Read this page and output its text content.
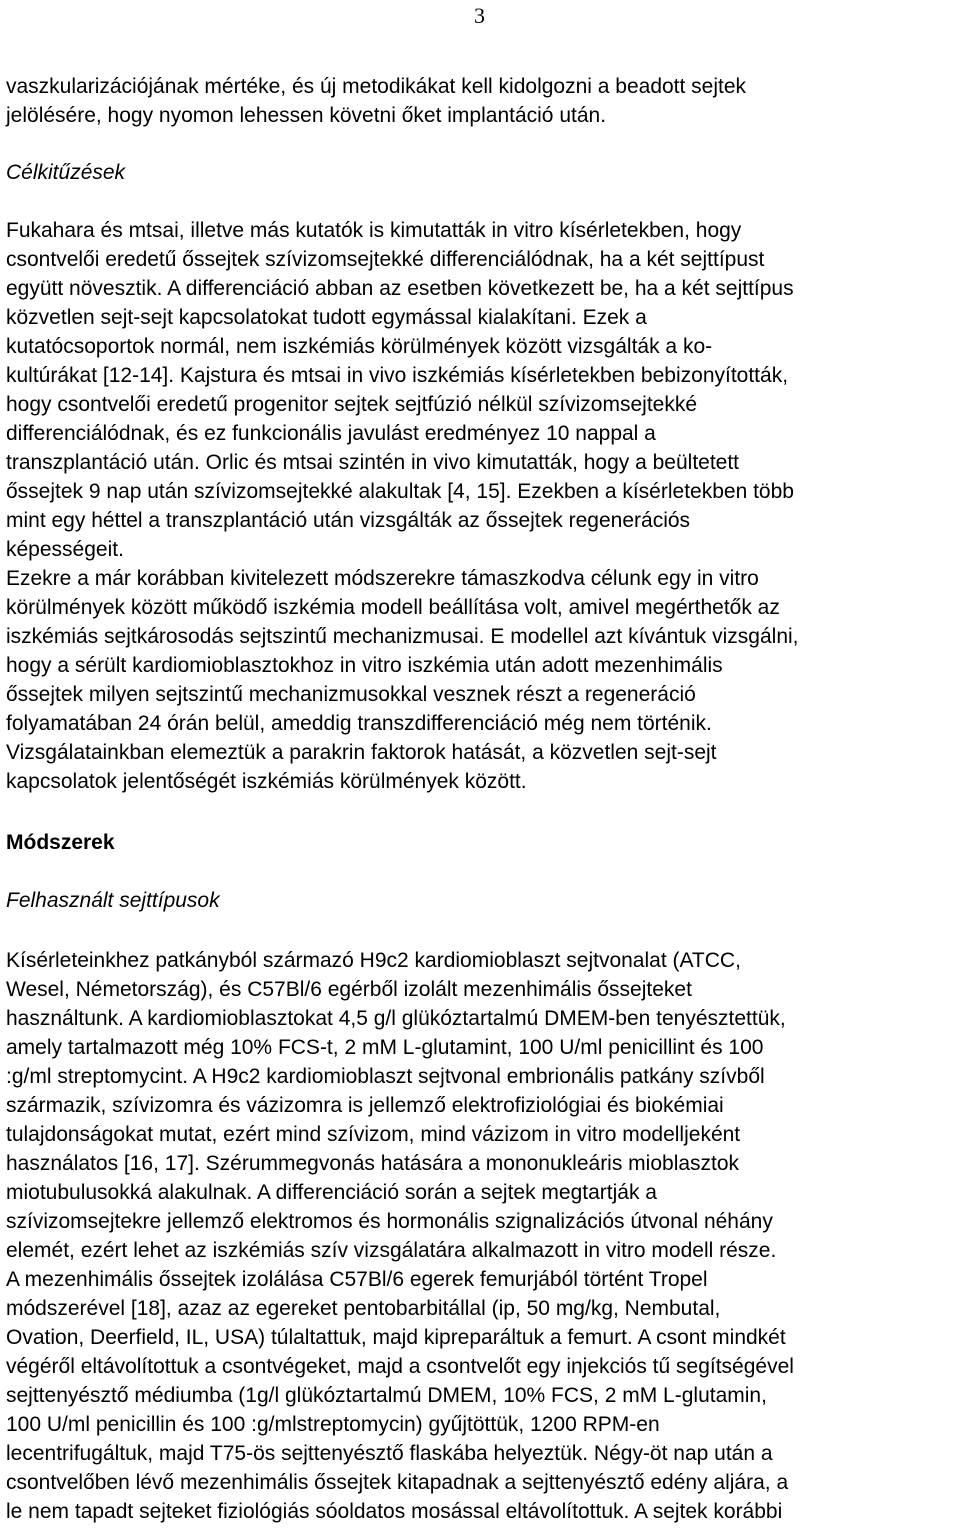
3
vaszkularizációjának mértéke, és új metodikákat kell kidolgozni a beadott sejtek
jelölésére, hogy nyomon lehessen követni őket implantáció után.
Célkitűzések
Fukahara és mtsai, illetve más kutatók is kimutatták in vitro kísérletekben, hogy
csontvelői eredetű őssejtek szívizomsejtekké differenciálódnak, ha a két sejttípust
együtt növesztik. A differenciáció abban az esetben következett be, ha a két sejttípus
közvetlen sejt-sejt kapcsolatokat tudott egymással kialakítani. Ezek a
kutatócsoportok normál, nem iszkémiás körülmények között vizsgálták a ko-
kultúrákat [12-14]. Kajstura és mtsai in vivo iszkémiás kísérletekben bebizonyították,
hogy csontvelői eredetű progenitor sejtek sejtfúzió nélkül szívizomsejtekké
differenciálódnak, és ez funkcionális javulást eredményez 10 nappal a
transzplantáció után. Orlic és mtsai szintén in vivo kimutatták, hogy a beültetett
őssejtek 9 nap után szívizomsejtekké alakultak [4, 15]. Ezekben a kísérletekben több
mint egy héttel a transzplantáció után vizsgálták az őssejtek regenerációs
képességeit.
Ezekre a már korábban kivitelezett módszerekre támaszkodva célunk egy in vitro
körülmények között működő iszkémia modell beállítása volt, amivel megérthetők az
iszkémiás sejtkárosodás sejtszintű mechanizmusai. E modellel azt kívántuk vizsgálni,
hogy a sérült kardiomioblasztokhoz in vitro iszkémia után adott mezenhimális
őssejtek milyen sejtszintű mechanizmusokkal vesznek részt a regeneráció
folyamatában 24 órán belül, ameddig transzdifferenciáció még nem történik.
Vizsgálatainkban elemeztük a parakrin faktorok hatását, a közvetlen sejt-sejt
kapcsolatok jelentőségét iszkémiás körülmények között.
Módszerek
Felhasznált sejttípusok
Kísérleteinkhez patkányból származó H9c2 kardiomioblaszt sejtvonalat (ATCC,
Wesel, Németország), és C57Bl/6 egérből izolált mezenhimális őssejteket
használtunk. A kardiomioblasztokat 4,5 g/l glükóztartalmú DMEM-ben tenyésztettük,
amely tartalmazott még 10% FCS-t, 2 mM L-glutamint, 100 U/ml penicillint és 100
:g/ml streptomycint. A H9c2 kardiomioblaszt sejtvonal embrionális patkány szívből
származik, szívizomra és vázizomra is jellemző elektrofiziológiai és biokémiai
tulajdonságokat mutat, ezért mind szívizom, mind vázizom in vitro modelljeként
használatos [16, 17]. Szérummegvonás hatására a mononukleáris mioblasztok
miotubulusokká alakulnak. A differenciáció során a sejtek megtartják a
szívizomsejtekre jellemző elektromos és hormonális szignalizációs útvonal néhány
elemét, ezért lehet az iszkémiás szív vizsgálatára alkalmazott in vitro modell része.
A mezenhimális őssejtek izolálása C57Bl/6 egerek femurjából történt Tropel
módszerével [18], azaz az egereket pentobarbitállal (ip, 50 mg/kg, Nembutal,
Ovation, Deerfield, IL, USA) túlaltattuk, majd kipreparáltuk a femurt. A csont mindkét
végéről eltávolítottuk a csontvégeket, majd a csontvelőt egy injekciós tű segítségével
sejttenyésztő médiumba (1g/l glükóztartalmú DMEM, 10% FCS, 2 mM L-glutamin,
100 U/ml penicillin és 100 :g/mlstreptomycin) gyűjtöttük, 1200 RPM-en
lecentrifugáltuk, majd T75-ös sejttenyésztő flaskába helyeztük. Négy-öt nap után a
csontvelőben lévő mezenhimális őssejtek kitapadnak a sejttenyésztő edény aljára, a
le nem tapadt sejteket fiziológiás sóoldatos mosással eltávolítottuk. A sejtek korábbi
